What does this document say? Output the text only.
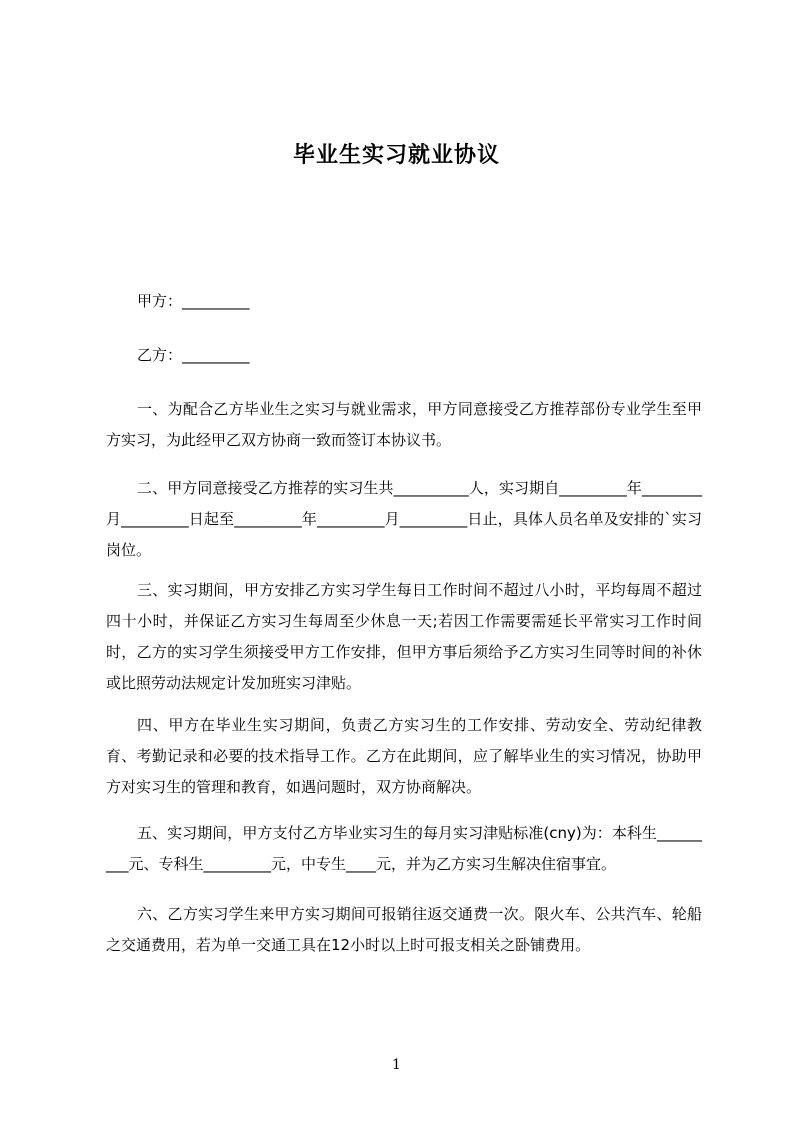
毕业生实习就业协议

甲方：_________

乙方：_________

一、为配合乙方毕业生之实习与就业需求，甲方同意接受乙方推荐部份专业学生至甲方实习，为此经甲乙双方协商一致而签订本协议书。

二、甲方同意接受乙方推荐的实习生共__________人，实习期自_________年________月_________日起至_________年_________月_________日止，具体人员名单及安排的`实习岗位。

三、实习期间，甲方安排乙方实习学生每日工作时间不超过八小时，平均每周不超过四十小时，并保证乙方实习生每周至少休息一天;若因工作需要需延长平常实习工作时间时，乙方的实习学生须接受甲方工作安排，但甲方事后须给予乙方实习生同等时间的补休或比照劳动法规定计发加班实习津贴。

四、甲方在毕业生实习期间，负责乙方实习生的工作安排、劳动安全、劳动纪律教育、考勤记录和必要的技术指导工作。乙方在此期间，应了解毕业生的实习情况，协助甲方对实习生的管理和教育，如遇问题时，双方协商解决。

五、实习期间，甲方支付乙方毕业实习生的每月实习津贴标准(cny)为：本科生_________元、专科生_________元，中专生____元，并为乙方实习生解决住宿事宜。

六、乙方实习学生来甲方实习期间可报销往返交通费一次。限火车、公共汽车、轮船之交通费用，若为单一交通工具在12小时以上时可报支相关之卧铺费用。

1
